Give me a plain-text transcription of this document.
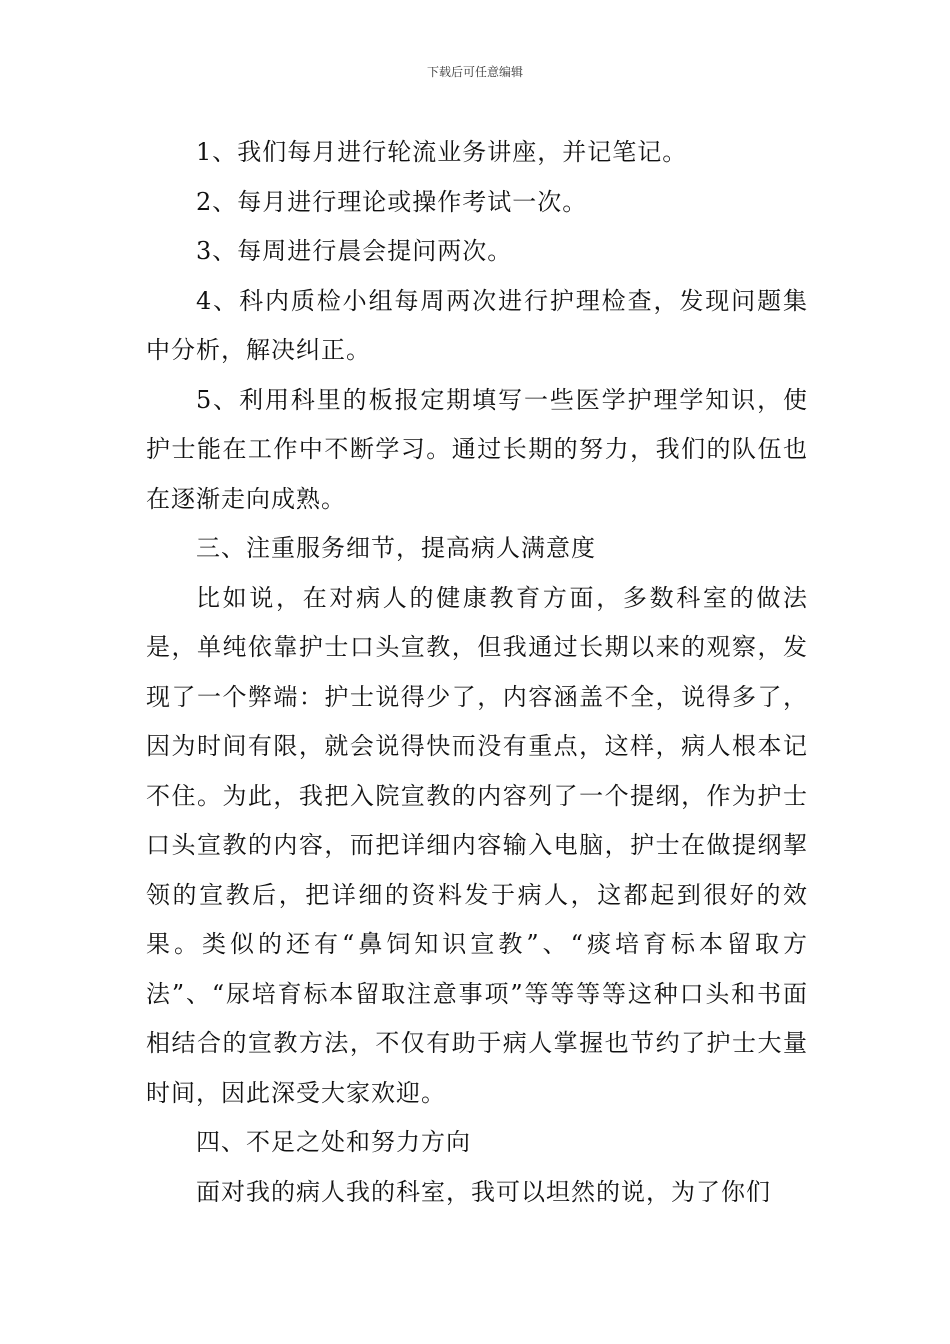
下载后可任意编辑

1、我们每月进行轮流业务讲座，并记笔记。

2、每月进行理论或操作考试一次。

3、每周进行晨会提问两次。

4、科内质检小组每周两次进行护理检查，发现问题集中分析，解决纠正。

5、利用科里的板报定期填写一些医学护理学知识，使护士能在工作中不断学习。通过长期的努力，我们的队伍也在逐渐走向成熟。

三、注重服务细节，提高病人满意度

比如说，在对病人的健康教育方面，多数科室的做法是，单纯依靠护士口头宣教，但我通过长期以来的观察，发现了一个弊端：护士说得少了，内容涵盖不全，说得多了，因为时间有限，就会说得快而没有重点，这样，病人根本记不住。为此，我把入院宣教的内容列了一个提纲，作为护士口头宣教的内容，而把详细内容输入电脑，护士在做提纲挈领的宣教后，把详细的资料发于病人，这都起到很好的效果。类似的还有“鼻饲知识宣教”、“痰培育标本留取方法”、“尿培育标本留取注意事项”等等等等这种口头和书面相结合的宣教方法，不仅有助于病人掌握也节约了护士大量时间，因此深受大家欢迎。

四、不足之处和努力方向

面对我的病人我的科室，我可以坦然的说，为了你们
